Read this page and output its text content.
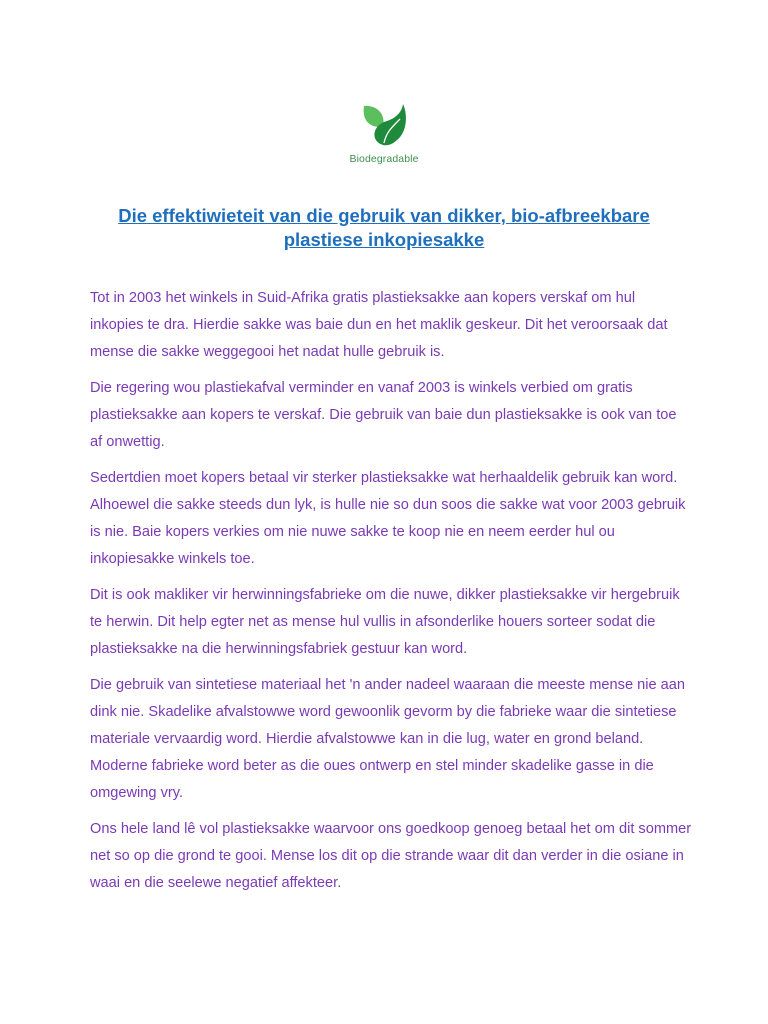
Biodegradable
Die effektiwieteit van die gebruik van dikker, bio-afbreekbare plastiese inkopiesakke

Tot in 2003 het winkels in Suid-Afrika gratis plastieksakke aan kopers verskaf om hul inkopies te dra. Hierdie sakke was baie dun en het maklik geskeur. Dit het veroorsaak dat mense die sakke weggegooi het nadat hulle gebruik is.

Die regering wou plastiekafval verminder en vanaf 2003 is winkels verbied om gratis plastieksakke aan kopers te verskaf. Die gebruik van baie dun plastieksakke is ook van toe af onwettig.

Sedertdien moet kopers betaal vir sterker plastieksakke wat herhaaldelik gebruik kan word. Alhoewel die sakke steeds dun lyk, is hulle nie so dun soos die sakke wat voor 2003 gebruik is nie. Baie kopers verkies om nie nuwe sakke te koop nie en neem eerder hul ou inkopiesakke winkels toe.

Dit is ook makliker vir herwinningsfabrieke om die nuwe, dikker plastieksakke vir hergebruik te herwin. Dit help egter net as mense hul vullis in afsonderlike houers sorteer sodat die plastieksakke na die herwinningsfabriek gestuur kan word.

Die gebruik van sintetiese materiaal het 'n ander nadeel waaraan die meeste mense nie aan dink nie. Skadelike afvalstowwe word gewoonlik gevorm by die fabrieke waar die sintetiese materiale vervaardig word. Hierdie afvalstowwe kan in die lug, water en grond beland. Moderne fabrieke word beter as die oues ontwerp en stel minder skadelike gasse in die omgewing vry.

Ons hele land lê vol plastieksakke waarvoor ons goedkoop genoeg betaal het om dit sommer net so op die grond te gooi. Mense los dit op die strande waar dit dan verder in die osiane in waai en die seelewe negatief affekteer.
